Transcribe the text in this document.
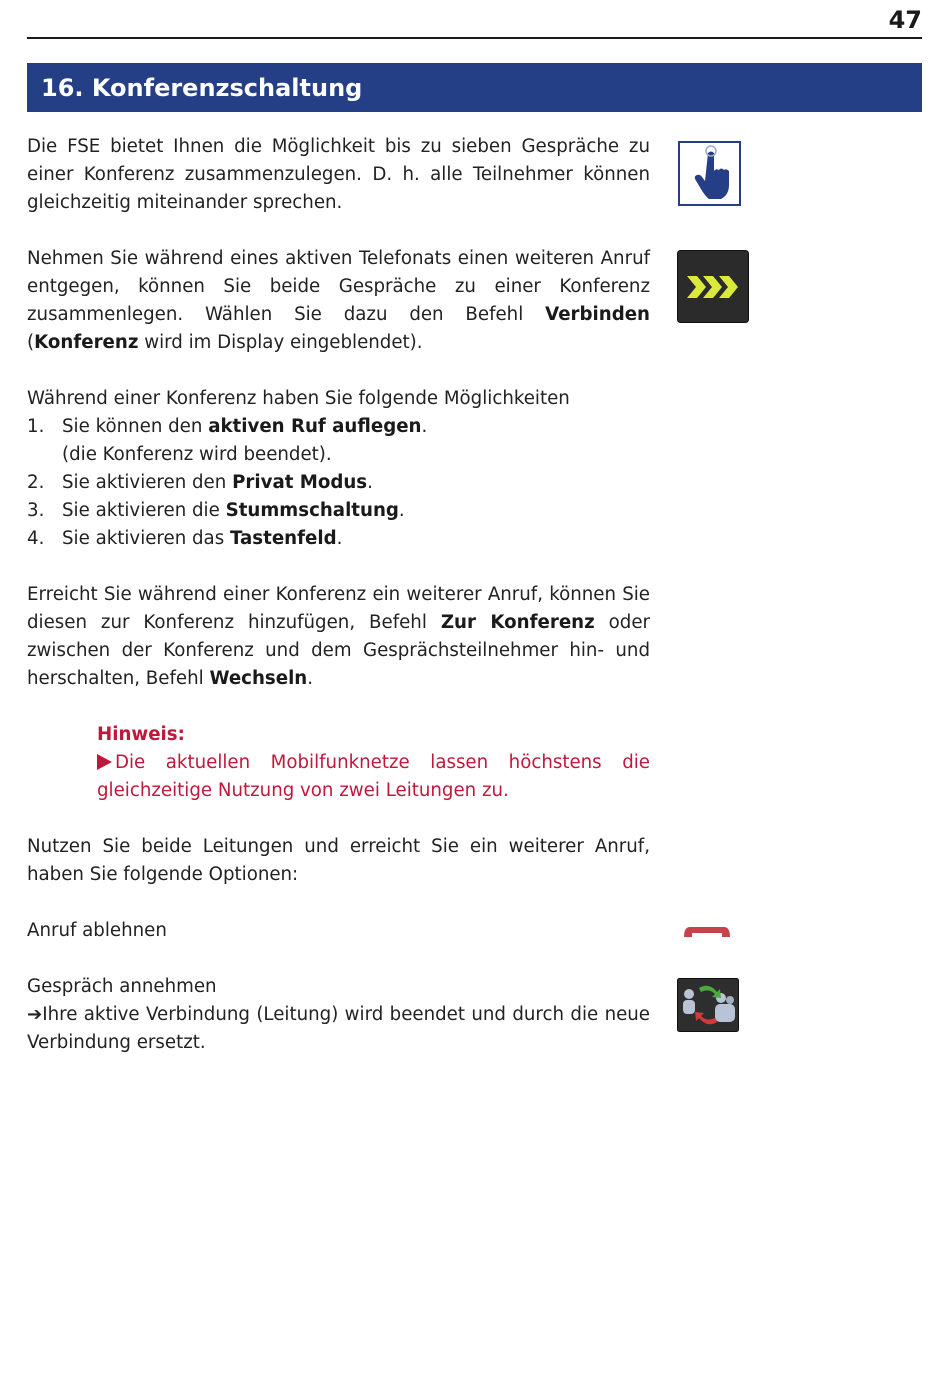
47
16. Konferenzschaltung

Die FSE bietet Ihnen die Möglichkeit bis zu sieben Gespräche zu einer Konferenz zusammenzulegen. D. h. alle Teilnehmer können gleichzeitig miteinander sprechen.

Nehmen Sie während eines aktiven Telefonats einen weiteren Anruf entgegen, können Sie beide Gespräche zu einer Konferenz zusammenlegen. Wählen Sie dazu den Befehl Verbinden (Konferenz wird im Display eingeblendet).

Während einer Konferenz haben Sie folgende Möglichkeiten

1. Sie können den aktiven Ruf auflegen.
(die Konferenz wird beendet).
2. Sie aktivieren den Privat Modus.
3. Sie aktivieren die Stummschaltung.
4. Sie aktivieren das Tastenfeld.

Erreicht Sie während einer Konferenz ein weiterer Anruf, können Sie diesen zur Konferenz hinzufügen, Befehl Zur Konferenz oder zwischen der Konferenz und dem Gesprächsteilnehmer hin- und herschalten, Befehl Wechseln.

Hinweis:
Die aktuellen Mobilfunknetze lassen höchstens die gleichzeitige Nutzung von zwei Leitungen zu.

Nutzen Sie beide Leitungen und erreicht Sie ein weiterer Anruf, haben Sie folgende Optionen:

Anruf ablehnen

Gespräch annehmen

➔Ihre aktive Verbindung (Leitung) wird beendet und durch die neue Verbindung ersetzt.
